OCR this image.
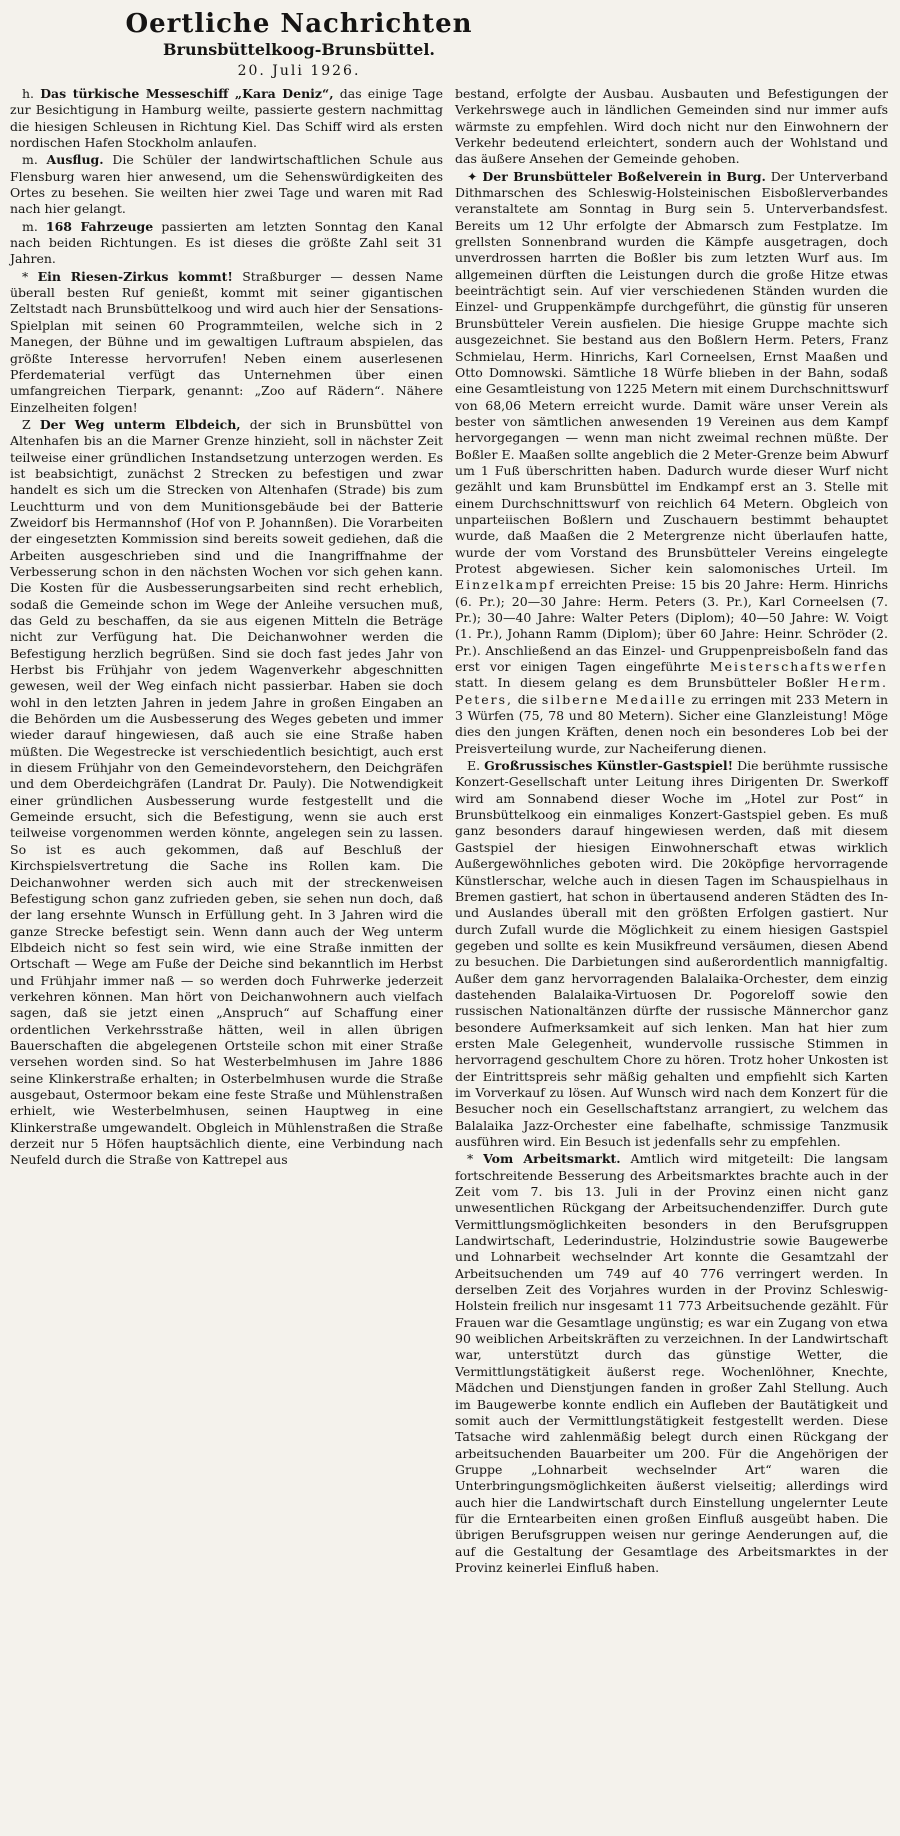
Oertliche Nachrichten
Brunsbüttelkoog-Brunsbüttel.
20. Juli 1926.

h. Das türkische Messeschiff „Kara Deniz“, das einige Tage zur Besichtigung in Hamburg weilte, passierte gestern nachmittag die hiesigen Schleusen in Richtung Kiel. Das Schiff wird als ersten nordischen Hafen Stockholm anlaufen.

m. Ausflug. Die Schüler der landwirtschaftlichen Schule aus Flensburg waren hier anwesend, um die Sehenswürdigkeiten des Ortes zu besehen. Sie weilten hier zwei Tage und waren mit Rad nach hier gelangt.

m. 168 Fahrzeuge passierten am letzten Sonntag den Kanal nach beiden Richtungen. Es ist dieses die größte Zahl seit 31 Jahren.

* Ein Riesen-Zirkus kommt! Straßburger — dessen Name überall besten Ruf genießt, kommt mit seiner gigantischen Zeltstadt nach Brunsbüttelkoog und wird auch hier der Sensations-Spielplan mit seinen 60 Programmteilen, welche sich in 2 Manegen, der Bühne und im gewaltigen Luftraum abspielen, das größte Interesse hervorrufen! Neben einem auserlesenen Pferdematerial verfügt das Unternehmen über einen umfangreichen Tierpark, genannt: „Zoo auf Rädern“. Nähere Einzelheiten folgen!

Z Der Weg unterm Elbdeich, der sich in Brunsbüttel von Altenhafen bis an die Marner Grenze hinzieht, soll in nächster Zeit teilweise einer gründlichen Instandsetzung unterzogen werden. Es ist beabsichtigt, zunächst 2 Strecken zu befestigen und zwar handelt es sich um die Strecken von Altenhafen (Strade) bis zum Leuchtturm und von dem Munitionsgebäude bei der Batterie Zweidorf bis Hermannshof (Hof von P. Johannßen). Die Vorarbeiten der eingesetzten Kommission sind bereits soweit gediehen, daß die Arbeiten ausgeschrieben sind und die Inangriffnahme der Verbesserung schon in den nächsten Wochen vor sich gehen kann. Die Kosten für die Ausbesserungsarbeiten sind recht erheblich, sodaß die Gemeinde schon im Wege der Anleihe versuchen muß, das Geld zu beschaffen, da sie aus eigenen Mitteln die Beträge nicht zur Verfügung hat. Die Deichanwohner werden die Befestigung herzlich begrüßen. Sind sie doch fast jedes Jahr von Herbst bis Frühjahr von jedem Wagenverkehr abgeschnitten gewesen, weil der Weg einfach nicht passierbar. Haben sie doch wohl in den letzten Jahren in jedem Jahre in großen Eingaben an die Behörden um die Ausbesserung des Weges gebeten und immer wieder darauf hingewiesen, daß auch sie eine Straße haben müßten. Die Wegestrecke ist verschiedentlich besichtigt, auch erst in diesem Frühjahr von den Gemeindevorstehern, den Deichgräfen und dem Oberdeichgräfen (Landrat Dr. Pauly). Die Notwendigkeit einer gründlichen Ausbesserung wurde festgestellt und die Gemeinde ersucht, sich die Befestigung, wenn sie auch erst teilweise vorgenommen werden könnte, angelegen sein zu lassen. So ist es auch gekommen, daß auf Beschluß der Kirchspielsvertretung die Sache ins Rollen kam. Die Deichanwohner werden sich auch mit der streckenweisen Befestigung schon ganz zufrieden geben, sie sehen nun doch, daß der lang ersehnte Wunsch in Erfüllung geht. In 3 Jahren wird die ganze Strecke befestigt sein. Wenn dann auch der Weg unterm Elbdeich nicht so fest sein wird, wie eine Straße inmitten der Ortschaft — Wege am Fuße der Deiche sind bekanntlich im Herbst und Frühjahr immer naß — so werden doch Fuhrwerke jederzeit verkehren können. Man hört von Deichanwohnern auch vielfach sagen, daß sie jetzt einen „Anspruch“ auf Schaffung einer ordentlichen Verkehrsstraße hätten, weil in allen übrigen Bauerschaften die abgelegenen Ortsteile schon mit einer Straße versehen worden sind. So hat Westerbelmhusen im Jahre 1886 seine Klinkerstraße erhalten; in Osterbelmhusen wurde die Straße ausgebaut, Ostermoor bekam eine feste Straße und Mühlenstraßen erhielt, wie Westerbelmhusen, seinen Hauptweg in eine Klinkerstraße umgewandelt. Obgleich in Mühlenstraßen die Straße derzeit nur 5 Höfen hauptsächlich diente, eine Verbindung nach Neufeld durch die Straße von Kattrepel aus

bestand, erfolgte der Ausbau. Ausbauten und Befestigungen der Verkehrswege auch in ländlichen Gemeinden sind nur immer aufs wärmste zu empfehlen. Wird doch nicht nur den Einwohnern der Verkehr bedeutend erleichtert, sondern auch der Wohlstand und das äußere Ansehen der Gemeinde gehoben.

✦ Der Brunsbütteler Boßelverein in Burg. Der Unterverband Dithmarschen des Schleswig-Holsteinischen Eisboßlerverbandes veranstaltete am Sonntag in Burg sein 5. Unterverbandsfest. Bereits um 12 Uhr erfolgte der Abmarsch zum Festplatze. Im grellsten Sonnenbrand wurden die Kämpfe ausgetragen, doch unverdrossen harrten die Boßler bis zum letzten Wurf aus. Im allgemeinen dürften die Leistungen durch die große Hitze etwas beeinträchtigt sein. Auf vier verschiedenen Ständen wurden die Einzel- und Gruppenkämpfe durchgeführt, die günstig für unseren Brunsbütteler Verein ausfielen. Die hiesige Gruppe machte sich ausgezeichnet. Sie bestand aus den Boßlern Herm. Peters, Franz Schmielau, Herm. Hinrichs, Karl Corneelsen, Ernst Maaßen und Otto Domnowski. Sämtliche 18 Würfe blieben in der Bahn, sodaß eine Gesamtleistung von 1225 Metern mit einem Durchschnittswurf von 68,06 Metern erreicht wurde. Damit wäre unser Verein als bester von sämtlichen anwesenden 19 Vereinen aus dem Kampf hervorgegangen — wenn man nicht zweimal rechnen müßte. Der Boßler E. Maaßen sollte angeblich die 2 Meter-Grenze beim Abwurf um 1 Fuß überschritten haben. Dadurch wurde dieser Wurf nicht gezählt und kam Brunsbüttel im Endkampf erst an 3. Stelle mit einem Durchschnittswurf von reichlich 64 Metern. Obgleich von unparteiischen Boßlern und Zuschauern bestimmt behauptet wurde, daß Maaßen die 2 Metergrenze nicht überlaufen hatte, wurde der vom Vorstand des Brunsbütteler Vereins eingelegte Protest abgewiesen. Sicher kein salomonisches Urteil. Im Einzelkampf erreichten Preise: 15 bis 20 Jahre: Herm. Hinrichs (6. Pr.); 20—30 Jahre: Herm. Peters (3. Pr.), Karl Corneelsen (7. Pr.); 30—40 Jahre: Walter Peters (Diplom); 40—50 Jahre: W. Voigt (1. Pr.), Johann Ramm (Diplom); über 60 Jahre: Heinr. Schröder (2. Pr.). Anschließend an das Einzel- und Gruppenpreisboßeln fand das erst vor einigen Tagen eingeführte Meisterschaftswerfen statt. In diesem gelang es dem Brunsbütteler Boßler Herm. Peters, die silberne Medaille zu erringen mit 233 Metern in 3 Würfen (75, 78 und 80 Metern). Sicher eine Glanzleistung! Möge dies den jungen Kräften, denen noch ein besonderes Lob bei der Preisverteilung wurde, zur Nacheiferung dienen.

E. Großrussisches Künstler-Gastspiel! Die berühmte russische Konzert-Gesellschaft unter Leitung ihres Dirigenten Dr. Swerkoff wird am Sonnabend dieser Woche im „Hotel zur Post“ in Brunsbüttelkoog ein einmaliges Konzert-Gastspiel geben. Es muß ganz besonders darauf hingewiesen werden, daß mit diesem Gastspiel der hiesigen Einwohnerschaft etwas wirklich Außergewöhnliches geboten wird. Die 20köpfige hervorragende Künstlerschar, welche auch in diesen Tagen im Schauspielhaus in Bremen gastiert, hat schon in übertausend anderen Städten des In- und Auslandes überall mit den größten Erfolgen gastiert. Nur durch Zufall wurde die Möglichkeit zu einem hiesigen Gastspiel gegeben und sollte es kein Musikfreund versäumen, diesen Abend zu besuchen. Die Darbietungen sind außerordentlich mannigfaltig. Außer dem ganz hervorragenden Balalaika-Orchester, dem einzig dastehenden Balalaika-Virtuosen Dr. Pogoreloff sowie den russischen Nationaltänzen dürfte der russische Männerchor ganz besondere Aufmerksamkeit auf sich lenken. Man hat hier zum ersten Male Gelegenheit, wundervolle russische Stimmen in hervorragend geschultem Chore zu hören. Trotz hoher Unkosten ist der Eintrittspreis sehr mäßig gehalten und empfiehlt sich Karten im Vorverkauf zu lösen. Auf Wunsch wird nach dem Konzert für die Besucher noch ein Gesellschaftstanz arrangiert, zu welchem das Balalaika Jazz-Orchester eine fabelhafte, schmissige Tanzmusik ausführen wird. Ein Besuch ist jedenfalls sehr zu empfehlen.

* Vom Arbeitsmarkt. Amtlich wird mitgeteilt: Die langsam fortschreitende Besserung des Arbeitsmarktes brachte auch in der Zeit vom 7. bis 13. Juli in der Provinz einen nicht ganz unwesentlichen Rückgang der Arbeitsuchendenziffer. Durch gute Vermittlungsmöglichkeiten besonders in den Berufsgruppen Landwirtschaft, Lederindustrie, Holzindustrie sowie Baugewerbe und Lohnarbeit wechselnder Art konnte die Gesamtzahl der Arbeitsuchenden um 749 auf 40 776 verringert werden. In derselben Zeit des Vorjahres wurden in der Provinz Schleswig-Holstein freilich nur insgesamt 11 773 Arbeitsuchende gezählt. Für Frauen war die Gesamtlage ungünstig; es war ein Zugang von etwa 90 weiblichen Arbeitskräften zu verzeichnen. In der Landwirtschaft war, unterstützt durch das günstige Wetter, die Vermittlungstätigkeit äußerst rege. Wochenlöhner, Knechte, Mädchen und Dienstjungen fanden in großer Zahl Stellung. Auch im Baugewerbe konnte endlich ein Aufleben der Bautätigkeit und somit auch der Vermittlungstätigkeit festgestellt werden. Diese Tatsache wird zahlenmäßig belegt durch einen Rückgang der arbeitsuchenden Bauarbeiter um 200. Für die Angehörigen der Gruppe „Lohnarbeit wechselnder Art“ waren die Unterbringungsmöglichkeiten äußerst vielseitig; allerdings wird auch hier die Landwirtschaft durch Einstellung ungelernter Leute für die Erntearbeiten einen großen Einfluß ausgeübt haben. Die übrigen Berufsgruppen weisen nur geringe Aenderungen auf, die auf die Gestaltung der Gesamtlage des Arbeitsmarktes in der Provinz keinerlei Einfluß haben.
